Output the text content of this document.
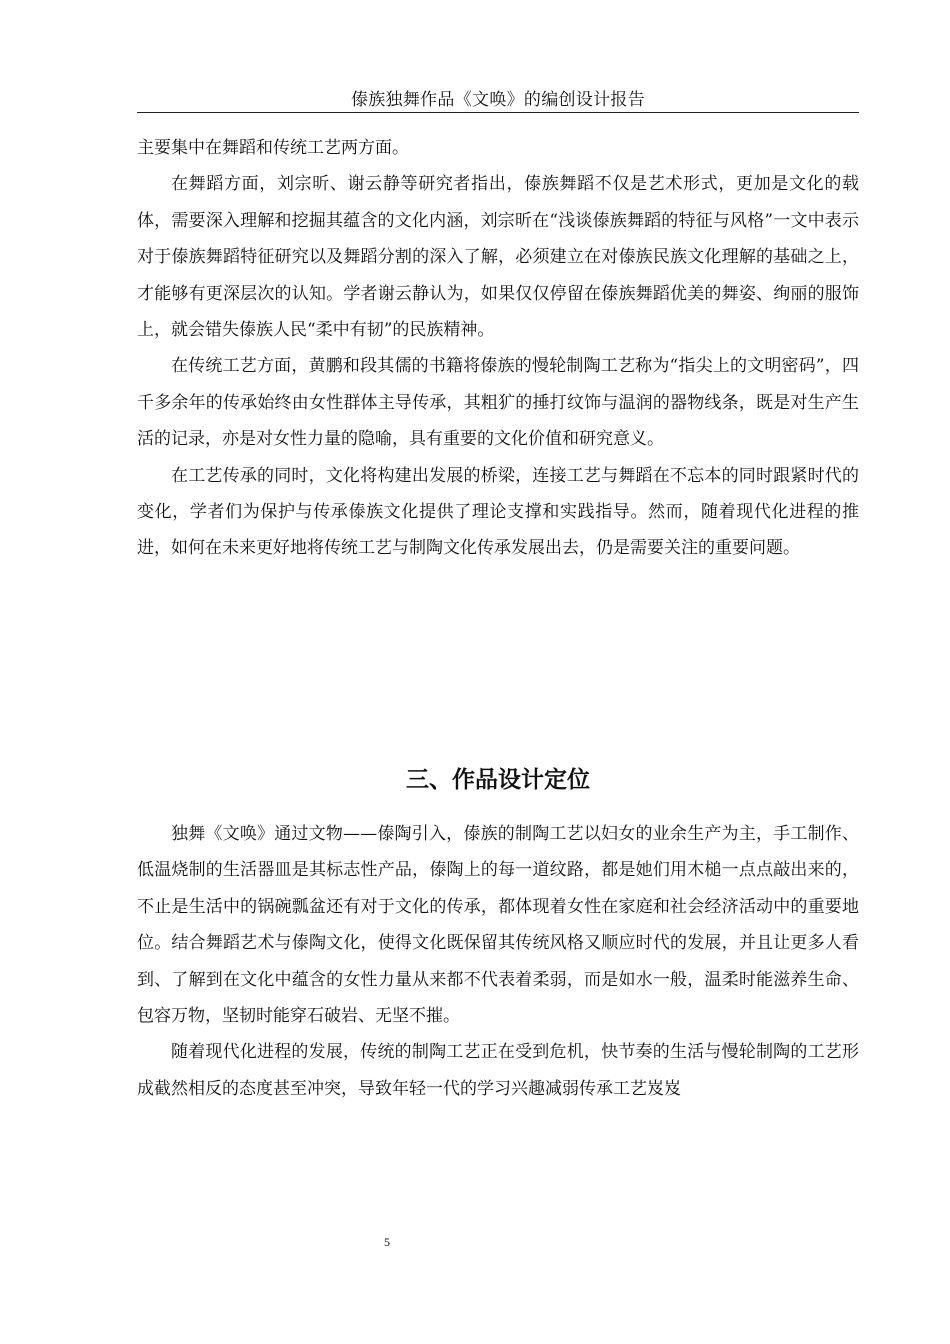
傣族独舞作品《文唤》的编创设计报告

主要集中在舞蹈和传统工艺两方面。

在舞蹈方面，刘宗昕、谢云静等研究者指出，傣族舞蹈不仅是艺术形式，更加是文化的载体，需要深入理解和挖掘其蕴含的文化内涵，刘宗昕在“浅谈傣族舞蹈的特征与风格”一文中表示对于傣族舞蹈特征研究以及舞蹈分割的深入了解，必须建立在对傣族民族文化理解的基础之上，才能够有更深层次的认知。学者谢云静认为，如果仅仅停留在傣族舞蹈优美的舞姿、绚丽的服饰上，就会错失傣族人民“柔中有韧”的民族精神。

在传统工艺方面，黄鹏和段其儒的书籍将傣族的慢轮制陶工艺称为“指尖上的文明密码”，四千多余年的传承始终由女性群体主导传承，其粗犷的捶打纹饰与温润的器物线条，既是对生产生活的记录，亦是对女性力量的隐喻，具有重要的文化价值和研究意义。

在工艺传承的同时，文化将构建出发展的桥梁，连接工艺与舞蹈在不忘本的同时跟紧时代的变化，学者们为保护与传承傣族文化提供了理论支撑和实践指导。然而，随着现代化进程的推进，如何在未来更好地将传统工艺与制陶文化传承发展出去，仍是需要关注的重要问题。

三、作品设计定位

独舞《文唤》通过文物——傣陶引入，傣族的制陶工艺以妇女的业余生产为主，手工制作、低温烧制的生活器皿是其标志性产品，傣陶上的每一道纹路，都是她们用木槌一点点敲出来的，不止是生活中的锅碗瓢盆还有对于文化的传承，都体现着女性在家庭和社会经济活动中的重要地位。结合舞蹈艺术与傣陶文化，使得文化既保留其传统风格又顺应时代的发展，并且让更多人看到、了解到在文化中蕴含的女性力量从来都不代表着柔弱，而是如水一般，温柔时能滋养生命、包容万物，坚韧时能穿石破岩、无坚不摧。

随着现代化进程的发展，传统的制陶工艺正在受到危机，快节奏的生活与慢轮制陶的工艺形成截然相反的态度甚至冲突，导致年轻一代的学习兴趣减弱传承工艺岌岌

5
